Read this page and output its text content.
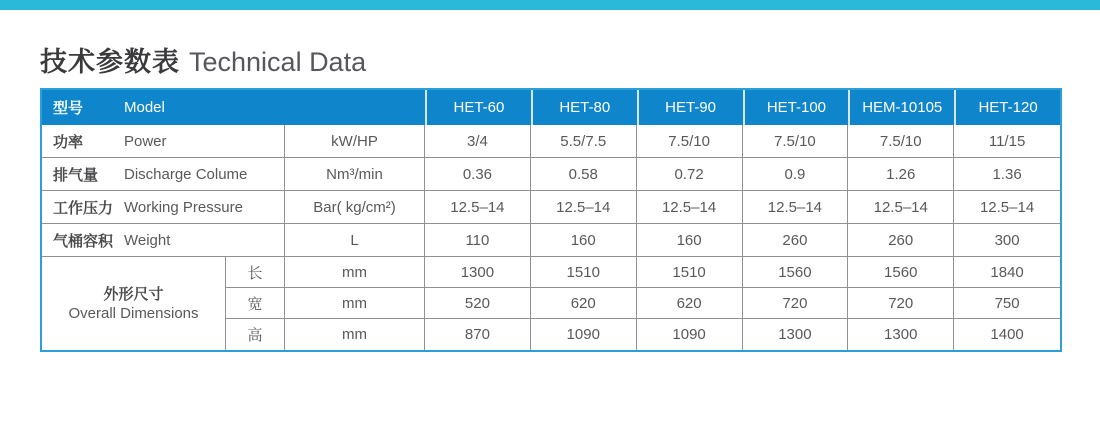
技术参数表 Technical Data
型号	Model	HET-60	HET-80	HET-90	HET-100	HEM-10105	HET-120
功率	Power	kW/HP	3/4	5.5/7.5	7.5/10	7.5/10	7.5/10	11/15
排气量	Discharge Colume	Nm³/min	0.36	0.58	0.72	0.9	1.26	1.36
工作压力 Working Pressure	Bar( kg/cm²)	12.5–14	12.5–14	12.5–14	12.5–14	12.5–14	12.5–14
气桶容积 Weight	L	110	160	160	260	260	300
外形尺寸
Overall Dimensions
长	mm	1300	1510	1510	1560	1560	1840
宽	mm	520	620	620	720	720	750
高	mm	870	1090	1090	1300	1300	1400
